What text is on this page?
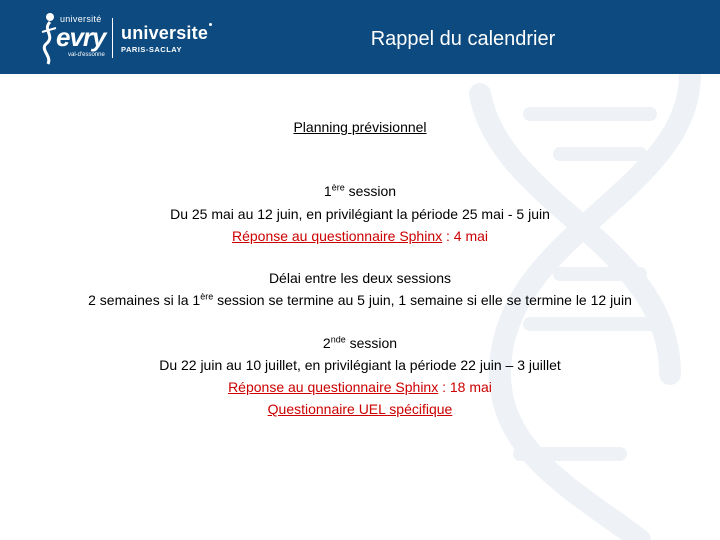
université
evry
val-d'essonne
universite
PARIS-SACLAY	Rappel du calendrier
Planning prévisionnel
1ère session
Du 25 mai au 12 juin, en privilégiant la période 25 mai - 5 juin
Réponse au questionnaire Sphinx : 4 mai
Délai entre les deux sessions
2 semaines si la 1ère session se termine au 5 juin, 1 semaine si elle se termine le 12 juin
2nde session
Du 22 juin au 10 juillet, en privilégiant la période 22 juin – 3 juillet
Réponse au questionnaire Sphinx : 18 mai
Questionnaire UEL spécifique
